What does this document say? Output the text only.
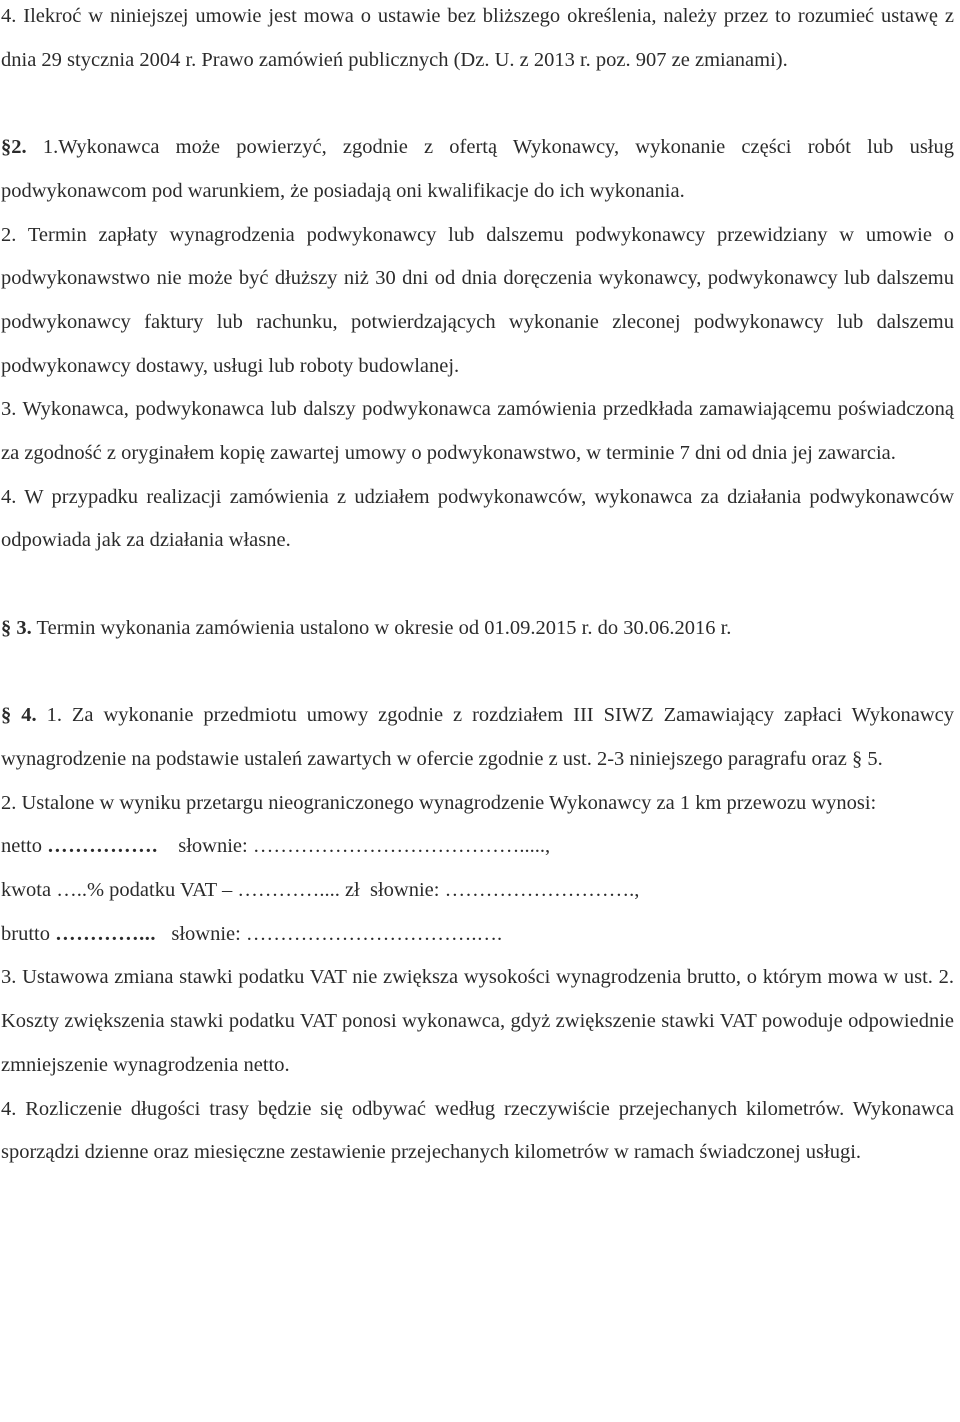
4. Ilekroć w niniejszej umowie jest mowa o ustawie bez bliższego określenia, należy przez to rozumieć ustawę z dnia 29 stycznia 2004 r. Prawo zamówień publicznych (Dz. U. z 2013 r. poz. 907 ze zmianami).

§2. 1.Wykonawca może powierzyć, zgodnie z ofertą Wykonawcy, wykonanie części robót lub usług podwykonawcom pod warunkiem, że posiadają oni kwalifikacje do ich wykonania.

2. Termin zapłaty wynagrodzenia podwykonawcy lub dalszemu podwykonawcy przewidziany w umowie o podwykonawstwo nie może być dłuższy niż 30 dni od dnia doręczenia wykonawcy, podwykonawcy lub dalszemu podwykonawcy faktury lub rachunku, potwierdzających wykonanie zleconej podwykonawcy lub dalszemu podwykonawcy dostawy, usługi lub roboty budowlanej.

3. Wykonawca, podwykonawca lub dalszy podwykonawca zamówienia przedkłada zamawiającemu poświadczoną za zgodność z oryginałem kopię zawartej umowy o podwykonawstwo, w terminie 7 dni od dnia jej zawarcia.

4. W przypadku realizacji zamówienia z udziałem podwykonawców, wykonawca za działania podwykonawców odpowiada jak za działania własne.

§ 3. Termin wykonania zamówienia ustalono w okresie od 01.09.2015 r. do 30.06.2016 r.

§ 4. 1. Za wykonanie przedmiotu umowy zgodnie z rozdziałem III SIWZ Zamawiający zapłaci Wykonawcy wynagrodzenie na podstawie ustaleń zawartych w ofercie zgodnie z ust. 2-3 niniejszego paragrafu oraz § 5.

2. Ustalone w wyniku przetargu nieograniczonego wynagrodzenie Wykonawcy za 1 km przewozu wynosi:

netto …………….    słownie: ………………………………….....,

kwota …..% podatku VAT – ………….... zł  słownie: ……………………….,

brutto …………...   słownie: …………………………….….

3. Ustawowa zmiana stawki podatku VAT nie zwiększa wysokości wynagrodzenia brutto, o którym mowa w ust. 2. Koszty zwiększenia stawki podatku VAT ponosi wykonawca, gdyż zwiększenie stawki VAT powoduje odpowiednie zmniejszenie wynagrodzenia netto.

4. Rozliczenie długości trasy będzie się odbywać według rzeczywiście przejechanych kilometrów. Wykonawca sporządzi dzienne oraz miesięczne zestawienie przejechanych kilometrów w ramach świadczonej usługi.
